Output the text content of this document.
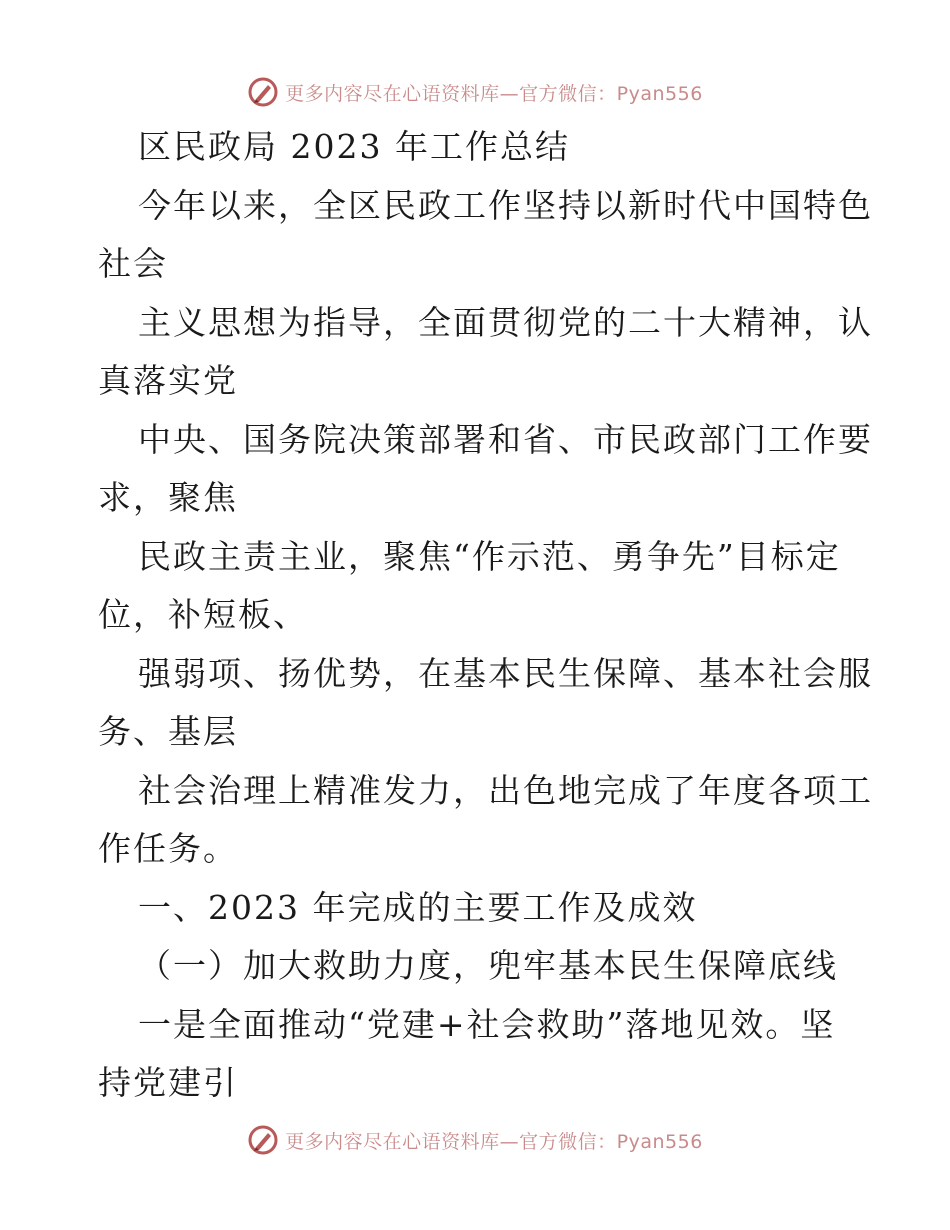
更多内容尽在心语资料库—官方微信：Pyan556
区民政局 2023 年工作总结
今年以来，全区民政工作坚持以新时代中国特色
社会
主义思想为指导，全面贯彻党的二十大精神，认
真落实党
中央、国务院决策部署和省、市民政部门工作要
求，聚焦
民政主责主业，聚焦“作示范、勇争先”目标定
位，补短板、
强弱项、扬优势，在基本民生保障、基本社会服
务、基层
社会治理上精准发力，出色地完成了年度各项工
作任务。
一、2023 年完成的主要工作及成效
（一）加大救助力度，兜牢基本民生保障底线
一是全面推动“党建+社会救助”落地见效。坚
持党建引
更多内容尽在心语资料库—官方微信：Pyan556
